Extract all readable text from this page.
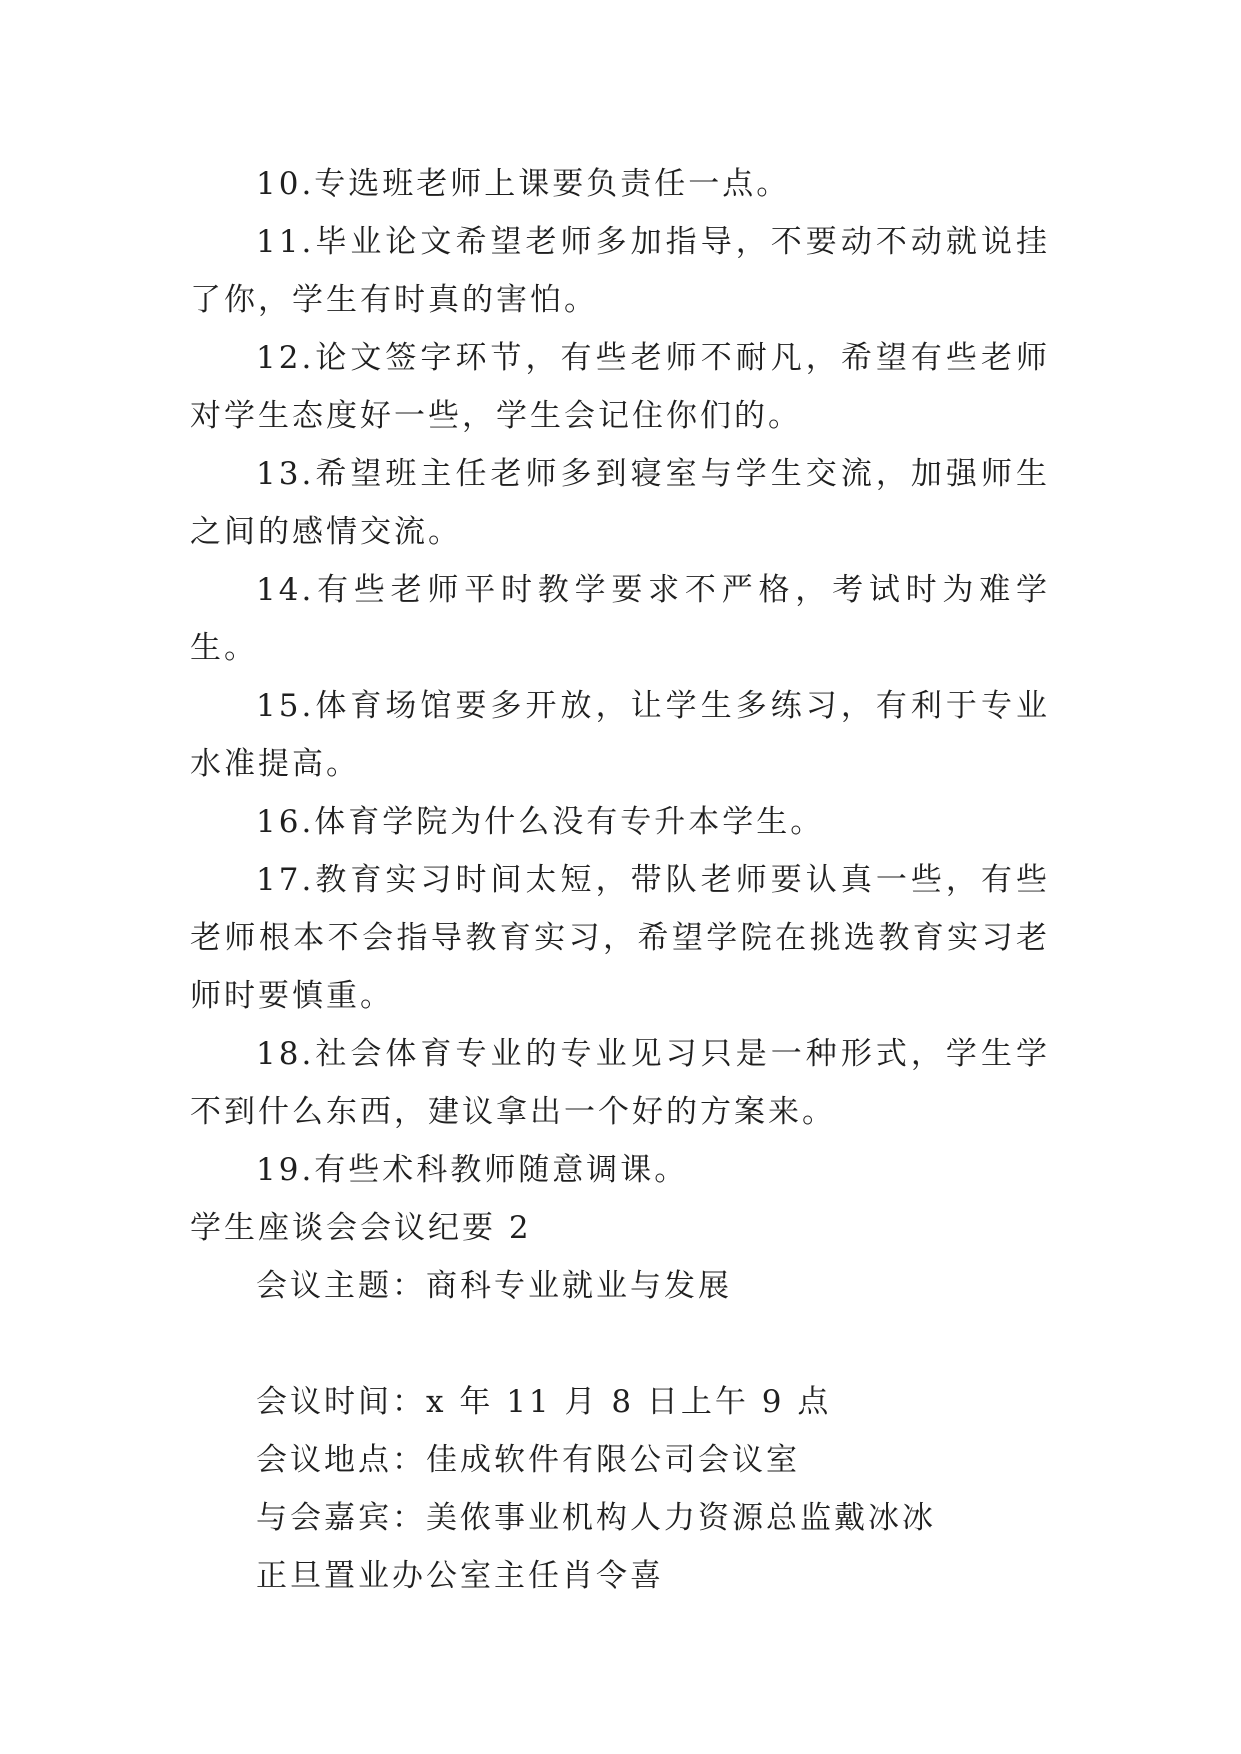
10.专选班老师上课要负责任一点。

11.毕业论文希望老师多加指导，不要动不动就说挂了你，学生有时真的害怕。

12.论文签字环节，有些老师不耐凡，希望有些老师对学生态度好一些，学生会记住你们的。

13.希望班主任老师多到寝室与学生交流，加强师生之间的感情交流。

14.有些老师平时教学要求不严格，考试时为难学生。

15.体育场馆要多开放，让学生多练习，有利于专业水准提高。

16.体育学院为什么没有专升本学生。

17.教育实习时间太短，带队老师要认真一些，有些老师根本不会指导教育实习，希望学院在挑选教育实习老师时要慎重。

18.社会体育专业的专业见习只是一种形式，学生学不到什么东西，建议拿出一个好的方案来。

19.有些术科教师随意调课。

学生座谈会会议纪要 2

会议主题：商科专业就业与发展

会议时间：x 年 11 月 8 日上午 9 点

会议地点：佳成软件有限公司会议室

与会嘉宾：美侬事业机构人力资源总监戴冰冰

正旦置业办公室主任肖令喜
